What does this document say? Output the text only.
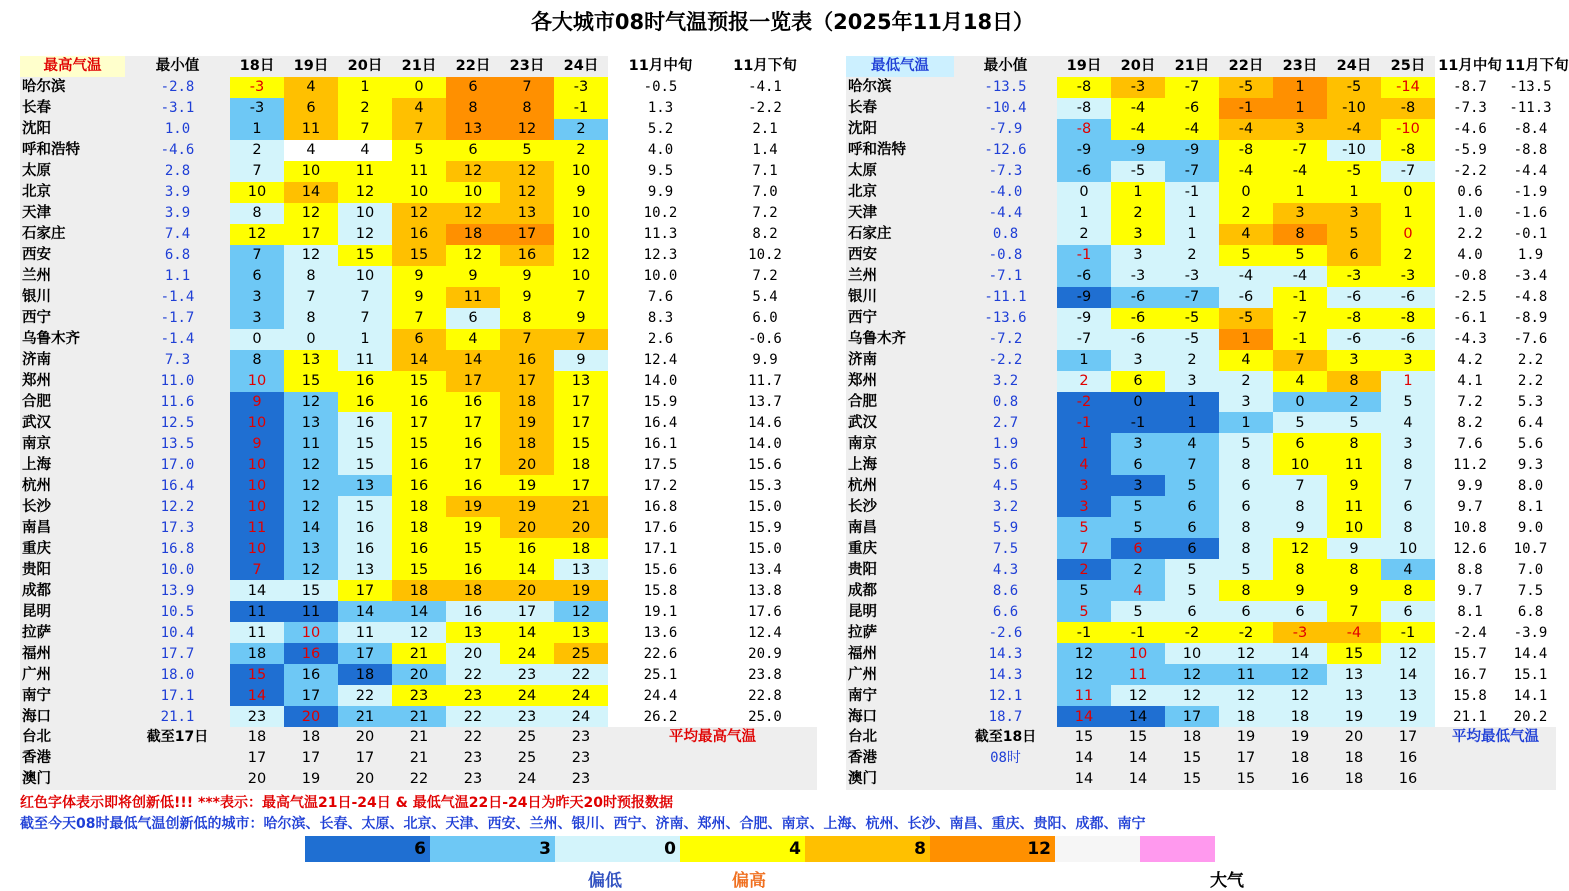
各大城市08时气温预报一览表（2025年11月18日）
最高气温	最小值	18日	19日	20日	21日	22日	23日	24日	11月中旬	11月下旬
哈尔滨	-2.8	-3	4	1	0	6	7	-3	-0.5	-4.1
长春	-3.1	-3	6	2	4	8	8	-1	1.3	-2.2
沈阳	1.0	1	11	7	7	13	12	2	5.2	2.1
呼和浩特	-4.6	2	4	4	5	6	5	2	4.0	1.4
太原	2.8	7	10	11	11	12	12	10	9.5	7.1
北京	3.9	10	14	12	10	10	12	9	9.9	7.0
天津	3.9	8	12	10	12	12	13	10	10.2	7.2
石家庄	7.4	12	17	12	16	18	17	10	11.3	8.2
西安	6.8	7	12	15	15	12	16	12	12.3	10.2
兰州	1.1	6	8	10	9	9	9	10	10.0	7.2
银川	-1.4	3	7	7	9	11	9	7	7.6	5.4
西宁	-1.7	3	8	7	7	6	8	9	8.3	6.0
乌鲁木齐	-1.4	0	0	1	6	4	7	7	2.6	-0.6
济南	7.3	8	13	11	14	14	16	9	12.4	9.9
郑州	11.0	10	15	16	15	17	17	13	14.0	11.7
合肥	11.6	9	12	16	16	16	18	17	15.9	13.7
武汉	12.5	10	13	16	17	17	19	17	16.4	14.6
南京	13.5	9	11	15	15	16	18	15	16.1	14.0
上海	17.0	10	12	15	16	17	20	18	17.5	15.6
杭州	16.4	10	12	13	16	16	19	17	17.2	15.3
长沙	12.2	10	12	15	18	19	19	21	16.8	15.0
南昌	17.3	11	14	16	18	19	20	20	17.6	15.9
重庆	16.8	10	13	16	16	15	16	18	17.1	15.0
贵阳	10.0	7	12	13	15	16	14	13	15.6	13.4
成都	13.9	14	15	17	18	18	20	19	15.8	13.8
昆明	10.5	11	11	14	14	16	17	12	19.1	17.6
拉萨	10.4	11	10	11	12	13	14	13	13.6	12.4
福州	17.7	18	16	17	21	20	24	25	22.6	20.9
广州	18.0	15	16	18	20	22	23	22	25.1	23.8
南宁	17.1	14	17	22	23	23	24	24	24.4	22.8
海口	21.1	23	20	21	21	22	23	24	26.2	25.0
台北	截至17日	18	18	20	21	22	25	23	平均最高气温	
香港		17	17	17	21	23	25	23		
澳门		20	19	20	22	23	24	23		
最低气温	最小值	19日	20日	21日	22日	23日	24日	25日	11月中旬	11月下旬
哈尔滨	-13.5	-8	-3	-7	-5	1	-5	-14	-8.7	-13.5
长春	-10.4	-8	-4	-6	-1	1	-10	-8	-7.3	-11.3
沈阳	-7.9	-8	-4	-4	-4	3	-4	-10	-4.6	-8.4
呼和浩特	-12.6	-9	-9	-9	-8	-7	-10	-8	-5.9	-8.8
太原	-7.3	-6	-5	-7	-4	-4	-5	-7	-2.2	-4.4
北京	-4.0	0	1	-1	0	1	1	0	0.6	-1.9
天津	-4.4	1	2	1	2	3	3	1	1.0	-1.6
石家庄	0.8	2	3	1	4	8	5	0	2.2	-0.1
西安	-0.8	-1	3	2	5	5	6	2	4.0	1.9
兰州	-7.1	-6	-3	-3	-4	-4	-3	-3	-0.8	-3.4
银川	-11.1	-9	-6	-7	-6	-1	-6	-6	-2.5	-4.8
西宁	-13.6	-9	-6	-5	-5	-7	-8	-8	-6.1	-8.9
乌鲁木齐	-7.2	-7	-6	-5	1	-1	-6	-6	-4.3	-7.6
济南	-2.2	1	3	2	4	7	3	3	4.2	2.2
郑州	3.2	2	6	3	2	4	8	1	4.1	2.2
合肥	0.8	-2	0	1	3	0	2	5	7.2	5.3
武汉	2.7	-1	-1	1	1	5	5	4	8.2	6.4
南京	1.9	1	3	4	5	6	8	3	7.6	5.6
上海	5.6	4	6	7	8	10	11	8	11.2	9.3
杭州	4.5	3	3	5	6	7	9	7	9.9	8.0
长沙	3.2	3	5	6	6	8	11	6	9.7	8.1
南昌	5.9	5	5	6	8	9	10	8	10.8	9.0
重庆	7.5	7	6	6	8	12	9	10	12.6	10.7
贵阳	4.3	2	2	5	5	8	8	4	8.8	7.0
成都	8.6	5	4	5	8	9	9	8	9.7	7.5
昆明	6.6	5	5	6	6	6	7	6	8.1	6.8
拉萨	-2.6	-1	-1	-2	-2	-3	-4	-1	-2.4	-3.9
福州	14.3	12	10	10	12	14	15	12	15.7	14.4
广州	14.3	12	11	12	11	12	13	14	16.7	15.1
南宁	12.1	11	12	12	12	12	13	13	15.8	14.1
海口	18.7	14	14	17	18	18	19	19	21.1	20.2
台北	截至18日	15	15	18	19	19	20	17	平均最低气温	
香港	08时	14	14	15	17	18	18	16		
澳门		14	14	15	15	16	18	16		
红色字体表示即将创新低!!! ***表示：最高气温21日-24日 & 最低气温22日-24日为昨天20时预报数据
截至今天08时最低气温创新低的城市：哈尔滨、长春、太原、北京、天津、西安、兰州、银川、西宁、济南、郑州、合肥、南京、上海、杭州、长沙、南昌、重庆、贵阳、成都、南宁
6	3	0	4	8	12
偏低	偏高	大气
